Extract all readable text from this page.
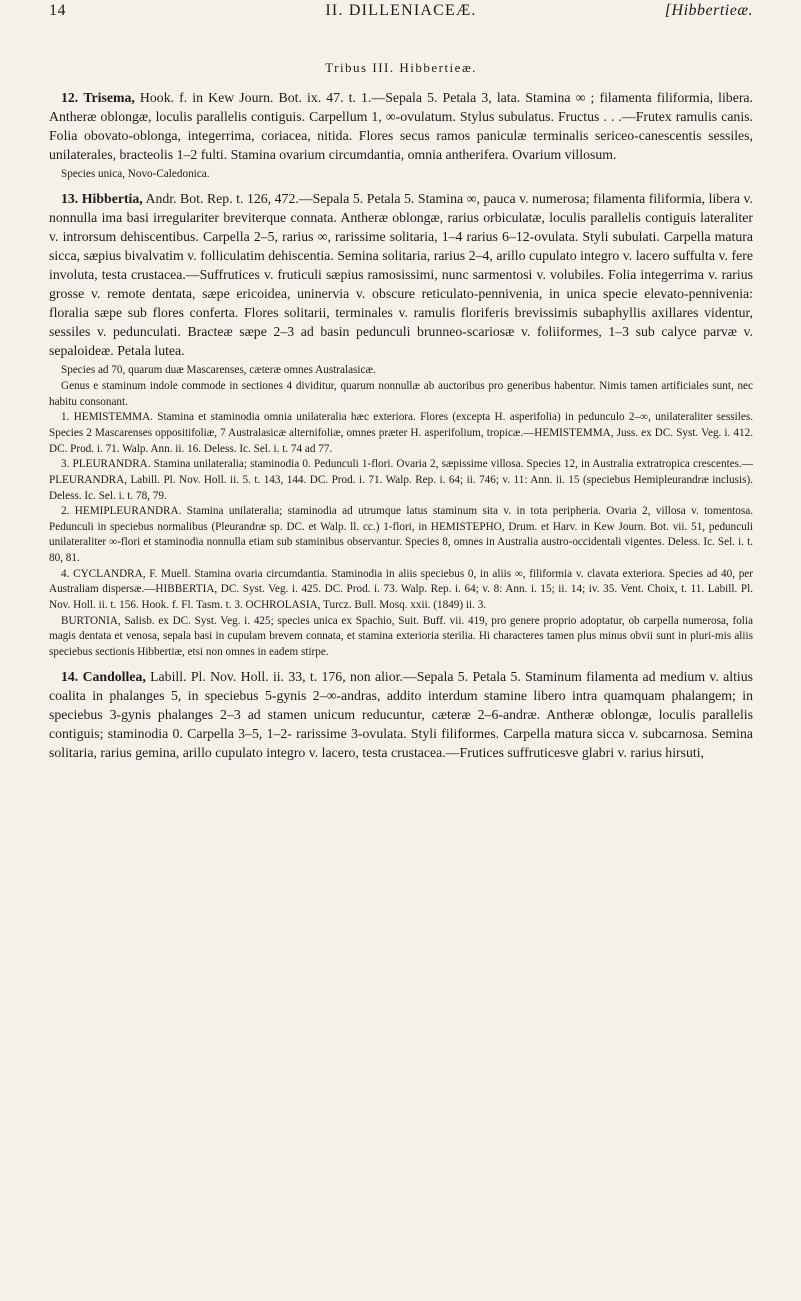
14	II. DILLENIACEÆ.	[Hibbertieæ.
Tribus III. Hibbertieæ.

12. Trisema, Hook. f. in Kew Journ. Bot. ix. 47. t. 1.—Sepala 5. Petala 3, lata. Staminа ∞ ; filamenta filiformia, libera. Antheræ oblongæ, loculis parallelis contiguis. Carpellum 1, ∞-ovulatum. Stylus subulatus. Fructus . . .—Frutex ramulis canis. Folia obovato-oblonga, integerrima, coriacea, nitida. Flores secus ramos paniculæ terminalis sericeo-canescentis sessiles, unilaterales, bracteolis 1–2 fulti. Stamina ovarium circumdantia, omnia antherifera. Ovarium villosum.

Species unica, Novo-Caledonica.

13. Hibbertia, Andr. Bot. Rep. t. 126, 472.—Sepala 5. Petala 5. Stamina ∞, pauca v. numerosa; filamenta filiformia, libera v. nonnulla ima basi irregulariter breviterque connata. Antheræ oblongæ, rarius orbiculatæ, loculis parallelis contiguis lateraliter v. introrsum dehiscentibus. Carpella 2–5, rarius ∞, rarissime solitaria, 1–4 rarius 6–12-ovulata. Styli subulati. Carpella matura sicca, sæpius bivalvatim v. folliculatim dehiscentia. Semina solitaria, rarius 2–4, arillo cupulato integro v. lacero suffulta v. fere involuta, testa crustacea.—Suffrutices v. fruticuli sæpius ramosissimi, nunc sarmentosi v. volubiles. Folia integerrima v. rarius grosse v. remote dentata, sæpe ericoidea, uninervia v. obscure reticulato-pennivenia, in unica specie elevato-pennivenia: floralia sæpe sub flores conferta. Flores solitarii, terminales v. ramulis floriferis brevissimis subaphyllis axillares videntur, sessiles v. pedunculati. Bracteæ sæpe 2–3 ad basin pedunculi brunneo-scariosæ v. foliiformes, 1–3 sub calyce parvæ v. sepaloideæ. Petala lutea.

Species ad 70, quarum duæ Mascarenses, cæteræ omnes Australasicæ.

Genus e staminum indole commode in sectiones 4 dividitur, quarum nonnullæ ab auctoribus pro generibus habentur. Nimis tamen artificiales sunt, nec habitu consonant.

1. HEMISTEMMA. Stamina et staminodia omnia unilateralia hæc exteriora. Flores (excepta H. asperifolia) in pedunculo 2–∞, unilateraliter sessiles. Species 2 Mascarenses oppositifoliæ, 7 Australasicæ alternifoliæ, omnes præter H. asperifolium, tropicæ.—HEMISTEMMA, Juss. ex DC. Syst. Veg. i. 412. DC. Prod. i. 71. Walp. Ann. ii. 16. Deless. Ic. Sel. i. t. 74 ad 77.

3. PLEURANDRA. Stamina unilateralia; staminodia 0. Pedunculi 1-flori. Ovaria 2, sæpissime villosa. Species 12, in Australia extratropica crescentes.—PLEURANDRA, Labill. Pl. Nov. Holl. ii. 5. t. 143, 144. DC. Prod. i. 71. Walp. Rep. i. 64; ii. 746; v. 11: Ann. ii. 15 (speciebus Hemipleurandræ inclusis). Deless. Ic. Sel. i. t. 78, 79.

2. HEMIPLEURANDRA. Stamina unilateralia; staminodia ad utrumque latus staminum sita v. in tota peripheria. Ovaria 2, villosa v. tomentosa. Pedunculi in speciebus normalibus (Pleurandræ sp. DC. et Walp. ll. cc.) 1-flori, in HEMISTEPHO, Drum. et Harv. in Kew Journ. Bot. vii. 51, pedunculi unilateraliter ∞-flori et staminodia nonnulla etiam sub staminibus observantur. Species 8, omnes in Australia austro-occidentali vigentes. Deless. Ic. Sel. i. t. 80, 81.

4. CYCLANDRA, F. Muell. Stamina ovaria circumdantia. Staminodia in aliis speciebus 0, in aliis ∞, filiformia v. clavata exteriora. Species ad 40, per Australiam dispersæ.—HIBBERTIA, DC. Syst. Veg. i. 425. DC. Prod. i. 73. Walp. Rep. i. 64; v. 8: Ann. i. 15; ii. 14; iv. 35. Vent. Choix, t. 11. Labill. Pl. Nov. Holl. ii. t. 156. Hook. f. Fl. Tasm. t. 3. OCHROLASIA, Turcz. Bull. Mosq. xxii. (1849) ii. 3.

BURTONIA, Salisb. ex DC. Syst. Veg. i. 425; species unica ex Spachio, Suit. Buff. vii. 419, pro genere proprio adoptatur, ob carpella numerosa, folia magis dentata et venosa, sepala basi in cupulam brevem connata, et stamina exterioria sterilia. Hi characteres tamen plus minus obvii sunt in pluri-mis aliis speciebus sectionis Hibbertiæ, etsi non omnes in eadem stirpe.

14. Candollea, Labill. Pl. Nov. Holl. ii. 33, t. 176, non alior.—Sepala 5. Petala 5. Staminum filamenta ad medium v. altius coalita in phalanges 5, in speciebus 5-gynis 2–∞-andras, addito interdum stamine libero intra quamquam phalangem; in speciebus 3-gynis phalanges 2–3 ad stamen unicum reducuntur, cæteræ 2–6-andræ. Antheræ oblongæ, loculis parallelis contiguis; staminodia 0. Carpella 3–5, 1–2- rarissime 3-ovulata. Styli filiformes. Carpella matura sicca v. subcarnosa. Semina solitaria, rarius gemina, arillo cupulato integro v. lacero, testa crustacea.—Frutices suffruticesve glabri v. rarius hirsuti,
